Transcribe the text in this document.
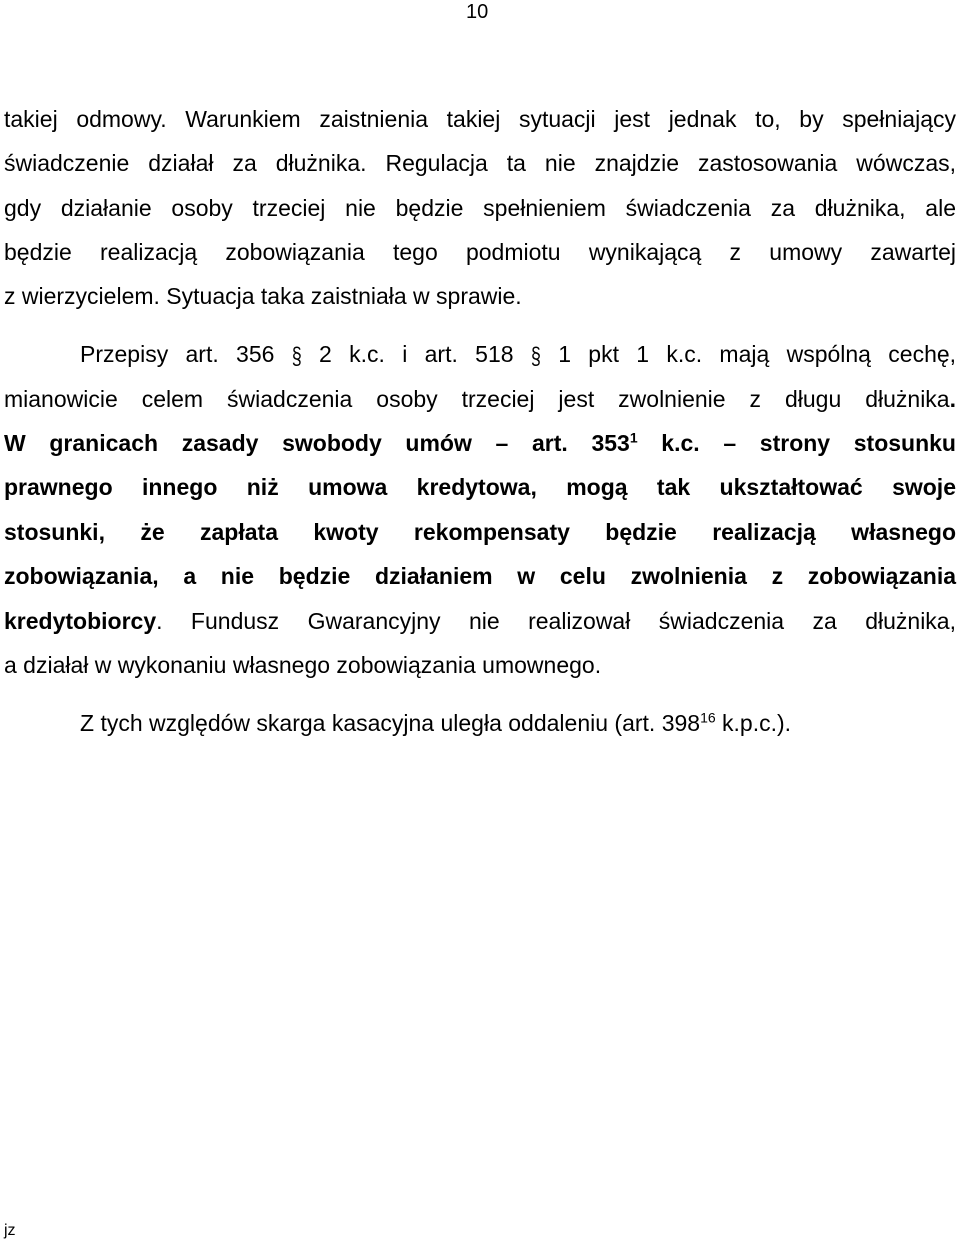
10
takiej odmowy. Warunkiem zaistnienia takiej sytuacji jest jednak to, by spełniający
świadczenie działał za dłużnika. Regulacja ta nie znajdzie zastosowania wówczas,
gdy działanie osoby trzeciej nie będzie spełnieniem świadczenia za dłużnika, ale
będzie realizacją zobowiązania tego podmiotu wynikającą z umowy zawartej
z wierzycielem. Sytuacja taka zaistniała w sprawie.
Przepisy art. 356 § 2 k.c. i art. 518 § 1 pkt 1 k.c. mają wspólną cechę,
mianowicie celem świadczenia osoby trzeciej jest zwolnienie z długu dłużnika.
W granicach zasady swobody umów – art. $353^1$ k.c. – strony stosunku
prawnego innego niż umowa kredytowa, mogą tak ukształtować swoje
stosunki, że zapłata kwoty rekompensaty będzie realizacją własnego
zobowiązania, a nie będzie działaniem w celu zwolnienia z zobowiązania
kredytobiorcy. Fundusz Gwarancyjny nie realizował świadczenia za dłużnika,
a działał w wykonaniu własnego zobowiązania umownego.
Z tych względów skarga kasacyjna uległa oddaleniu (art. $398^{16}$ k.p.c.).
jz
